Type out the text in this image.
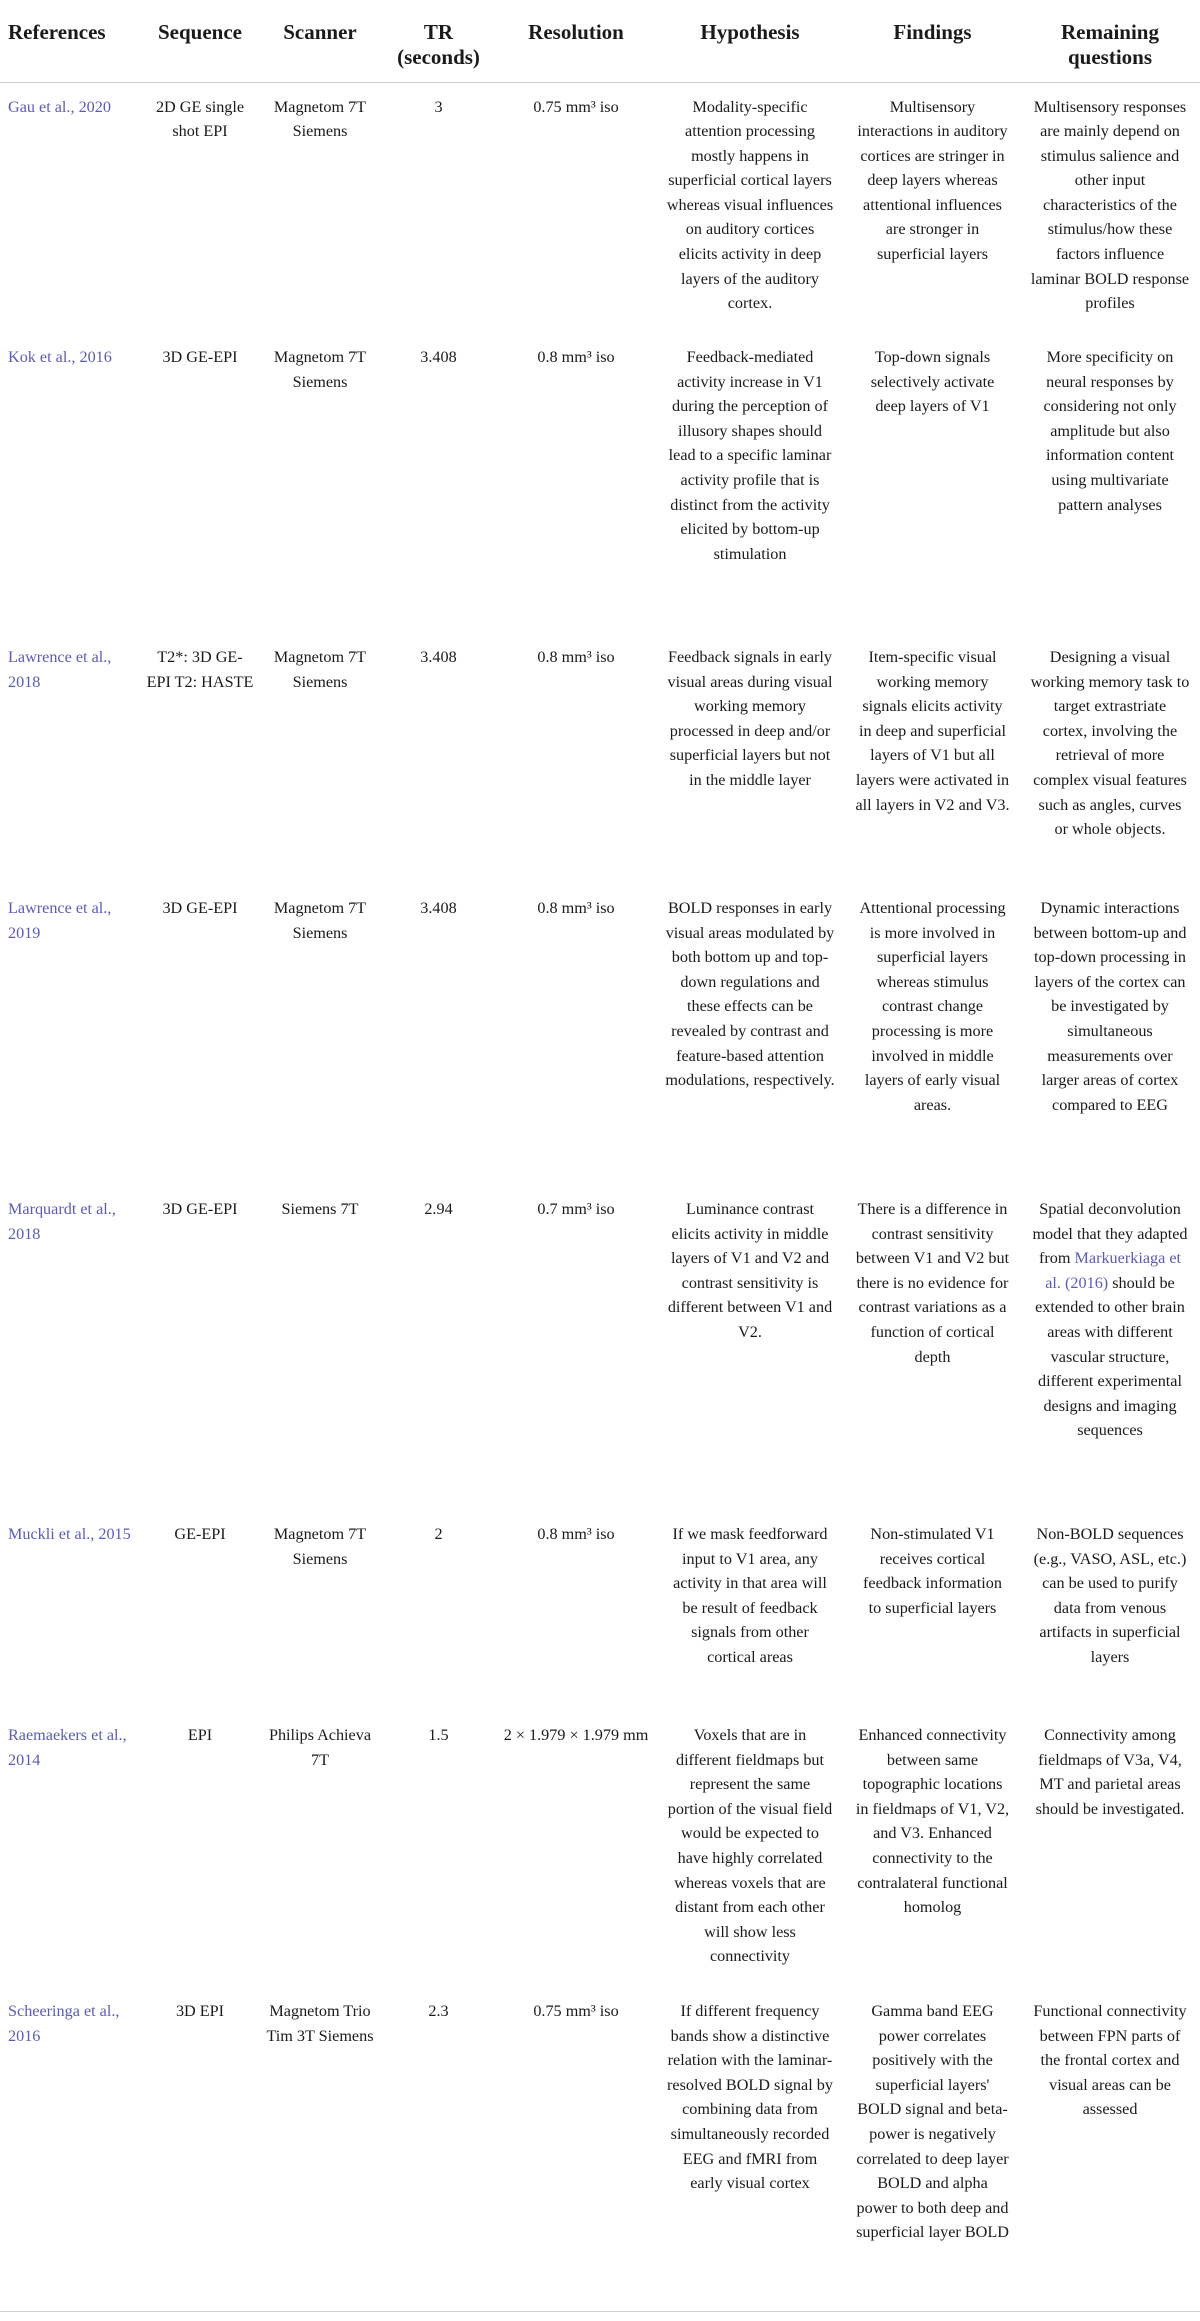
References	Sequence	Scanner	TR (seconds)	Resolution	Hypothesis	Findings	Remaining questions
Gau et al., 2020	2D GE single shot EPI	Magnetom 7T Siemens	3	0.75 mm³ iso	Modality-specific attention processing mostly happens in superficial cortical layers whereas visual influences on auditory cortices elicits activity in deep layers of the auditory cortex.	Multisensory interactions in auditory cortices are stringer in deep layers whereas attentional influences are stronger in superficial layers	Multisensory responses are mainly depend on stimulus salience and other input characteristics of the stimulus/how these factors influence laminar BOLD response profiles
Kok et al., 2016	3D GE-EPI	Magnetom 7T Siemens	3.408	0.8 mm³ iso	Feedback-mediated activity increase in V1 during the perception of illusory shapes should lead to a specific laminar activity profile that is distinct from the activity elicited by bottom-up stimulation	Top-down signals selectively activate deep layers of V1	More specificity on neural responses by considering not only amplitude but also information content using multivariate pattern analyses
Lawrence et al., 2018	T2*: 3D GE-EPI T2: HASTE	Magnetom 7T Siemens	3.408	0.8 mm³ iso	Feedback signals in early visual areas during visual working memory processed in deep and/or superficial layers but not in the middle layer	Item-specific visual working memory signals elicits activity in deep and superficial layers of V1 but all layers were activated in all layers in V2 and V3.	Designing a visual working memory task to target extrastriate cortex, involving the retrieval of more complex visual features such as angles, curves or whole objects.
Lawrence et al., 2019	3D GE-EPI	Magnetom 7T Siemens	3.408	0.8 mm³ iso	BOLD responses in early visual areas modulated by both bottom up and top-down regulations and these effects can be revealed by contrast and feature-based attention modulations, respectively.	Attentional processing is more involved in superficial layers whereas stimulus contrast change processing is more involved in middle layers of early visual areas.	Dynamic interactions between bottom-up and top-down processing in layers of the cortex can be investigated by simultaneous measurements over larger areas of cortex compared to EEG
Marquardt et al., 2018	3D GE-EPI	Siemens 7T	2.94	0.7 mm³ iso	Luminance contrast elicits activity in middle layers of V1 and V2 and contrast sensitivity is different between V1 and V2.	There is a difference in contrast sensitivity between V1 and V2 but there is no evidence for contrast variations as a function of cortical depth	Spatial deconvolution model that they adapted from Markuerkiaga et al. (2016) should be extended to other brain areas with different vascular structure, different experimental designs and imaging sequences
Muckli et al., 2015	GE-EPI	Magnetom 7T Siemens	2	0.8 mm³ iso	If we mask feedforward input to V1 area, any activity in that area will be result of feedback signals from other cortical areas	Non-stimulated V1 receives cortical feedback information to superficial layers	Non-BOLD sequences (e.g., VASO, ASL, etc.) can be used to purify data from venous artifacts in superficial layers
Raemaekers et al., 2014	EPI	Philips Achieva 7T	1.5	2 × 1.979 × 1.979 mm	Voxels that are in different fieldmaps but represent the same portion of the visual field would be expected to have highly correlated whereas voxels that are distant from each other will show less connectivity	Enhanced connectivity between same topographic locations in fieldmaps of V1, V2, and V3. Enhanced connectivity to the contralateral functional homolog	Connectivity among fieldmaps of V3a, V4, MT and parietal areas should be investigated.
Scheeringa et al., 2016	3D EPI	Magnetom Trio Tim 3T Siemens	2.3	0.75 mm³ iso	If different frequency bands show a distinctive relation with the laminar-resolved BOLD signal by combining data from simultaneously recorded EEG and fMRI from early visual cortex	Gamma band EEG power correlates positively with the superficial layers' BOLD signal and beta-power is negatively correlated to deep layer BOLD and alpha power to both deep and superficial layer BOLD	Functional connectivity between FPN parts of the frontal cortex and visual areas can be assessed
